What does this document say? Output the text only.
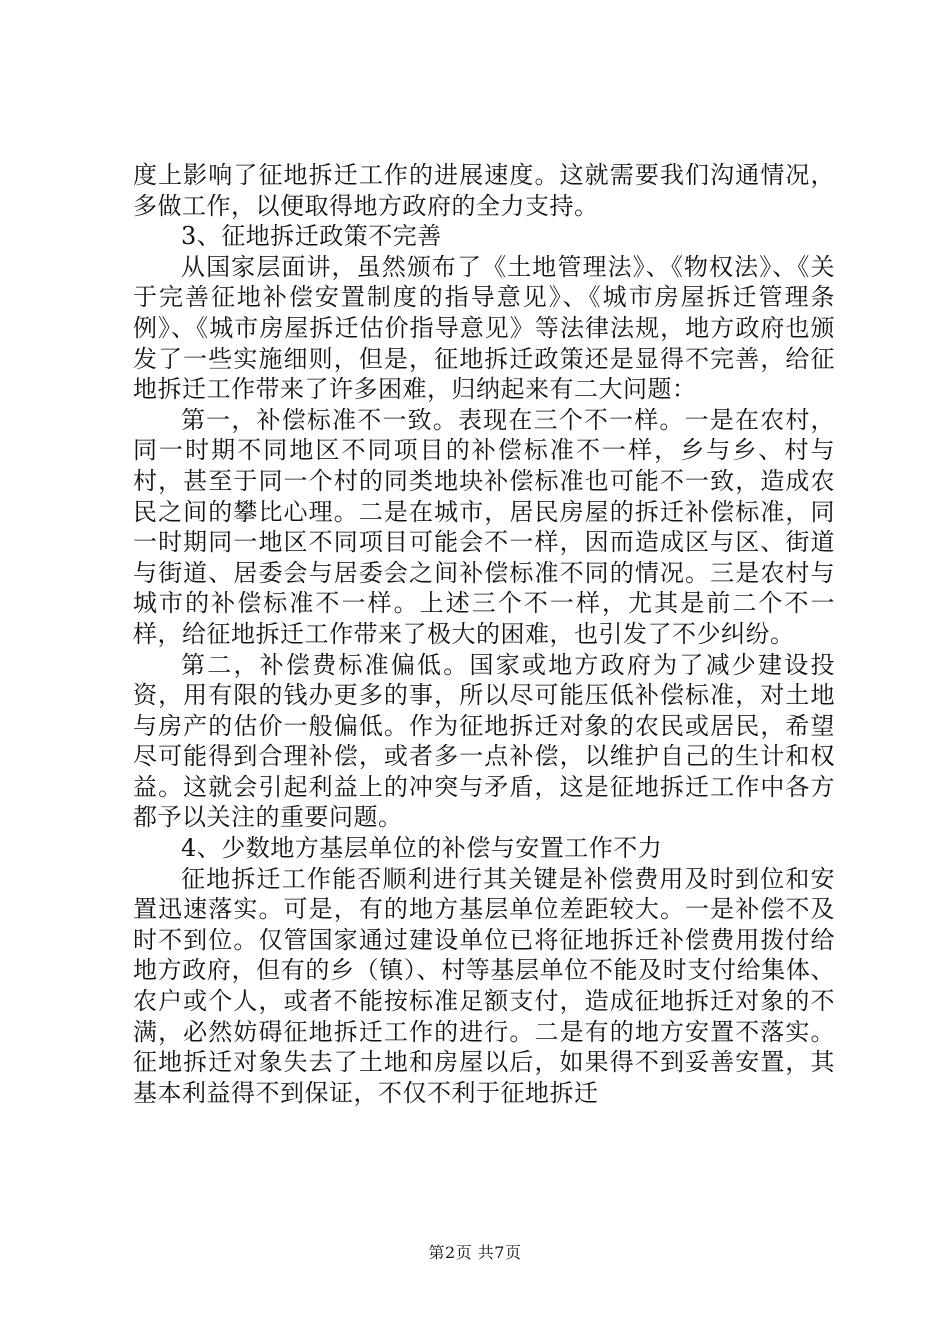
度上影响了征地拆迁工作的进展速度。这就需要我们沟通情况，多做工作，以便取得地方政府的全力支持。

3、征地拆迁政策不完善

从国家层面讲，虽然颁布了《土地管理法》、《物权法》、《关于完善征地补偿安置制度的指导意见》、《城市房屋拆迁管理条例》、《城市房屋拆迁估价指导意见》等法律法规，地方政府也颁发了一些实施细则，但是，征地拆迁政策还是显得不完善，给征地拆迁工作带来了许多困难，归纳起来有二大问题：

第一，补偿标准不一致。表现在三个不一样。一是在农村，同一时期不同地区不同项目的补偿标准不一样，乡与乡、村与村，甚至于同一个村的同类地块补偿标准也可能不一致，造成农民之间的攀比心理。二是在城市，居民房屋的拆迁补偿标准，同一时期同一地区不同项目可能会不一样，因而造成区与区、街道与街道、居委会与居委会之间补偿标准不同的情况。三是农村与城市的补偿标准不一样。上述三个不一样，尤其是前二个不一样，给征地拆迁工作带来了极大的困难，也引发了不少纠纷。

第二，补偿费标准偏低。国家或地方政府为了减少建设投资，用有限的钱办更多的事，所以尽可能压低补偿标准，对土地与房产的估价一般偏低。作为征地拆迁对象的农民或居民，希望尽可能得到合理补偿，或者多一点补偿，以维护自己的生计和权益。这就会引起利益上的冲突与矛盾，这是征地拆迁工作中各方都予以关注的重要问题。

4、少数地方基层单位的补偿与安置工作不力

征地拆迁工作能否顺利进行其关键是补偿费用及时到位和安置迅速落实。可是，有的地方基层单位差距较大。一是补偿不及时不到位。仅管国家通过建设单位已将征地拆迁补偿费用拨付给地方政府，但有的乡（镇）、村等基层单位不能及时支付给集体、农户或个人，或者不能按标准足额支付，造成征地拆迁对象的不满，必然妨碍征地拆迁工作的进行。二是有的地方安置不落实。征地拆迁对象失去了土地和房屋以后，如果得不到妥善安置，其基本利益得不到保证，不仅不利于征地拆迁

第2页 共7页
